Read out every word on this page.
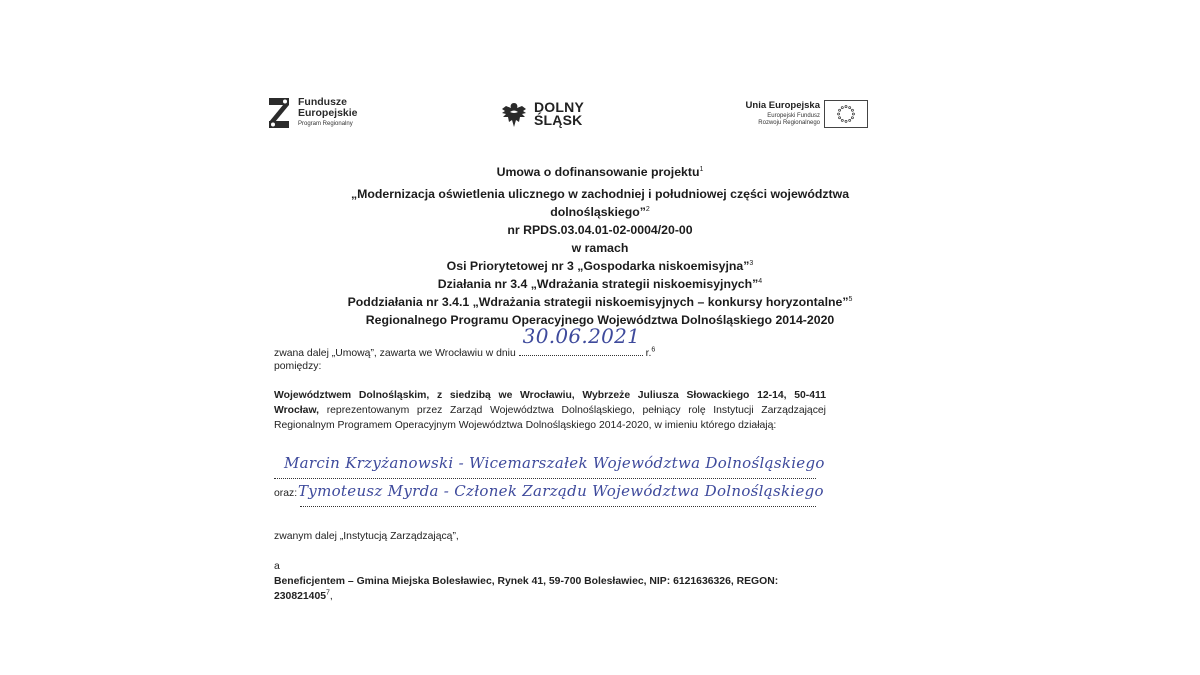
Fundusze
Europejskie
Program Regionalny
DOLNY
ŚLĄSK
Unia Europejska
Europejski Fundusz
Rozwoju Regionalnego
Umowa o dofinansowanie projektu$^1$
„Modernizacja oświetlenia ulicznego w zachodniej i południowej części województwa
dolnośląskiego”$^2$
nr RPDS.03.04.01-02-0004/20-00
w ramach
Osi Priorytetowej nr 3 „Gospodarka niskoemisyjna”$^3$
Działania nr 3.4 „Wdrażania strategii niskoemisyjnych”$^4$
Poddziałania nr 3.4.1 „Wdrażania strategii niskoemisyjnych – konkursy horyzontalne”$^5$
Regionalnego Programu Operacyjnego Województwa Dolnośląskiego 2014-2020
zwana dalej „Umową”, zawarta we Wrocławiu w dniu
30.06.2021
r.$^6$
pomiędzy:
Województwem Dolnośląskim, z siedzibą we Wrocławiu, Wybrzeże Juliusza Słowackiego 12-14, 50-411 Wrocław, reprezentowanym przez Zarząd Województwa Dolnośląskiego, pełniący rolę Instytucji Zarządzającej Regionalnym Programem Operacyjnym Województwa Dolnośląskiego 2014-2020, w imieniu którego działają:
Marcin Krzyżanowski - Wicemarszałek Województwa Dolnośląskiego
oraz: Tymoteusz Myrda - Członek Zarządu Województwa Dolnośląskiego
zwanym dalej „Instytucją Zarządzającą”,
a
Beneficjentem – Gmina Miejska Bolesławiec, Rynek 41, 59-700 Bolesławiec, NIP: 6121636326, REGON: 230821405$^7$,
